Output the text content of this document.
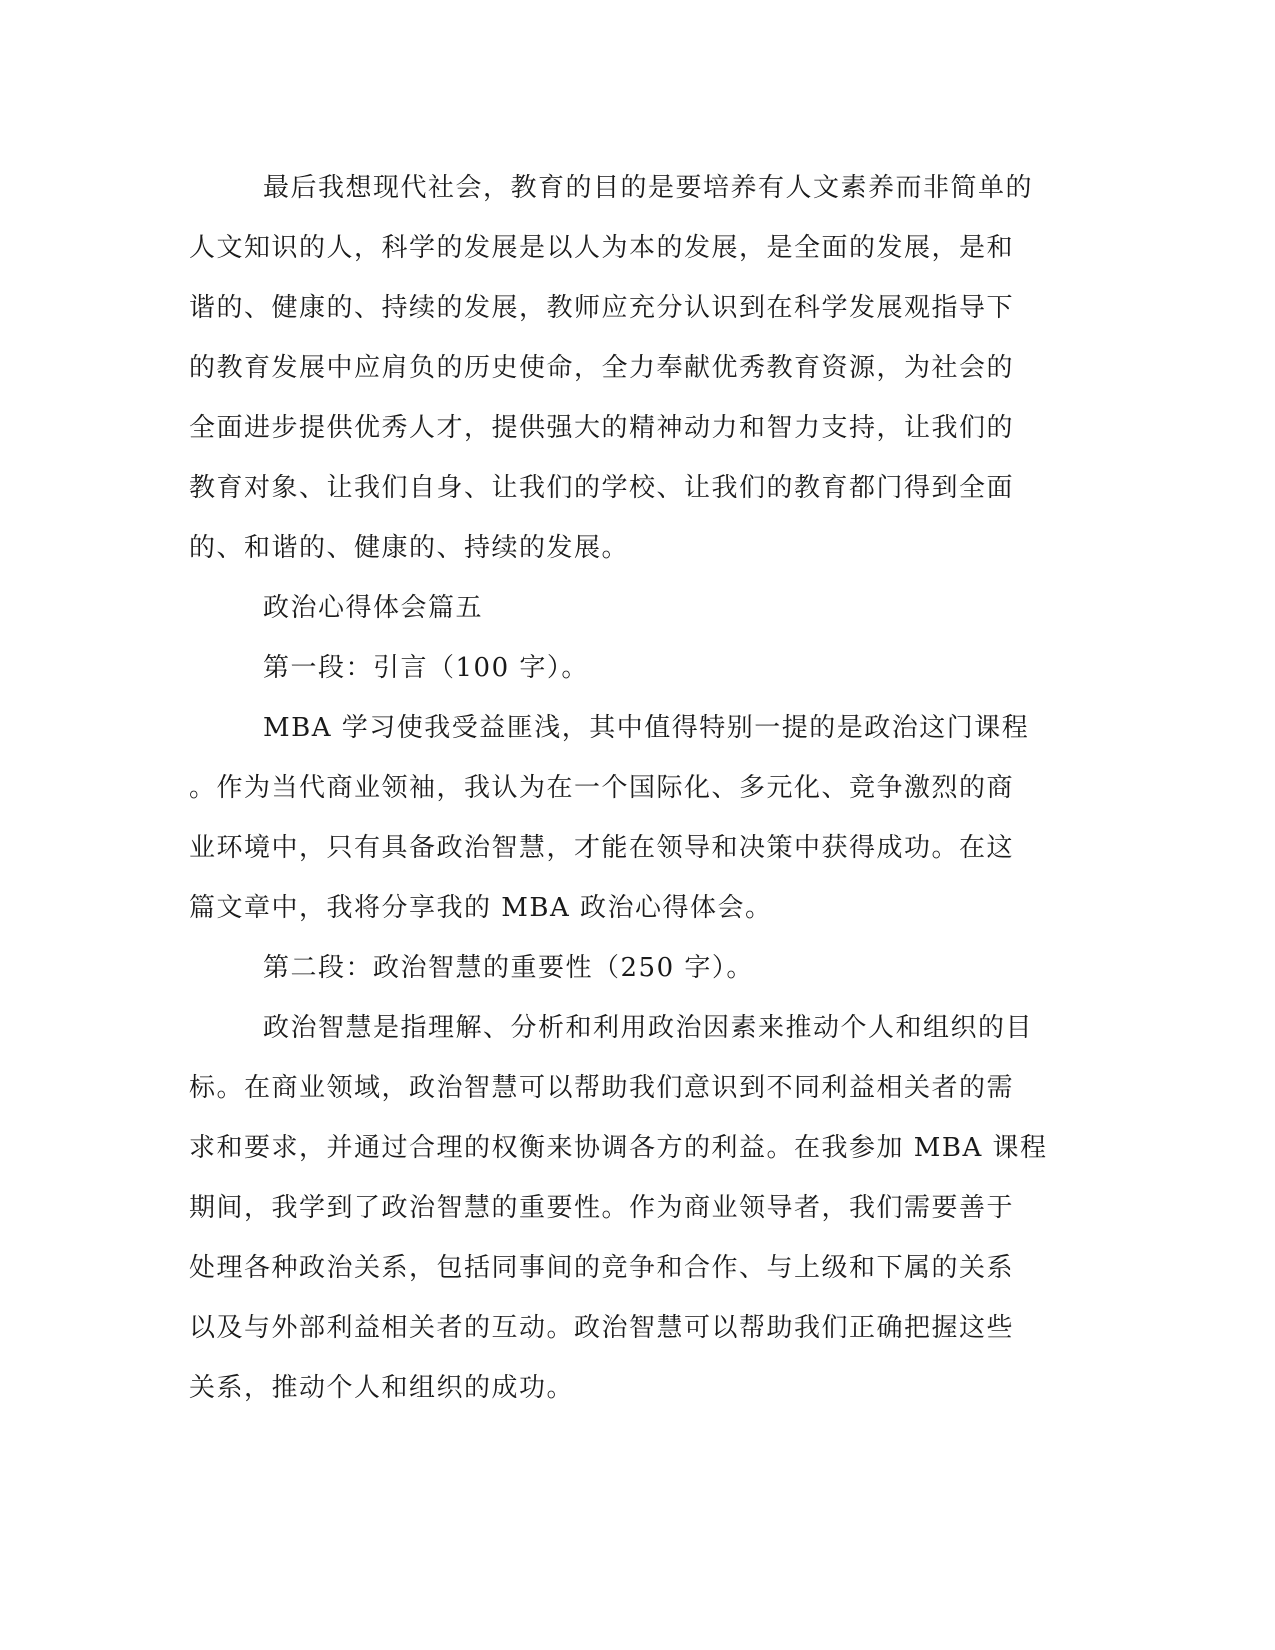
最后我想现代社会，教育的目的是要培养有人文素养而非简单的
人文知识的人，科学的发展是以人为本的发展，是全面的发展，是和
谐的、健康的、持续的发展，教师应充分认识到在科学发展观指导下
的教育发展中应肩负的历史使命，全力奉献优秀教育资源，为社会的
全面进步提供优秀人才，提供强大的精神动力和智力支持，让我们的
教育对象、让我们自身、让我们的学校、让我们的教育都门得到全面
的、和谐的、健康的、持续的发展。

政治心得体会篇五

第一段：引言（100 字）。

MBA 学习使我受益匪浅，其中值得特别一提的是政治这门课程
。作为当代商业领袖，我认为在一个国际化、多元化、竞争激烈的商
业环境中，只有具备政治智慧，才能在领导和决策中获得成功。在这
篇文章中，我将分享我的 MBA 政治心得体会。

第二段：政治智慧的重要性（250 字）。

政治智慧是指理解、分析和利用政治因素来推动个人和组织的目
标。在商业领域，政治智慧可以帮助我们意识到不同利益相关者的需
求和要求，并通过合理的权衡来协调各方的利益。在我参加 MBA 课程
期间，我学到了政治智慧的重要性。作为商业领导者，我们需要善于
处理各种政治关系，包括同事间的竞争和合作、与上级和下属的关系
以及与外部利益相关者的互动。政治智慧可以帮助我们正确把握这些
关系，推动个人和组织的成功。
